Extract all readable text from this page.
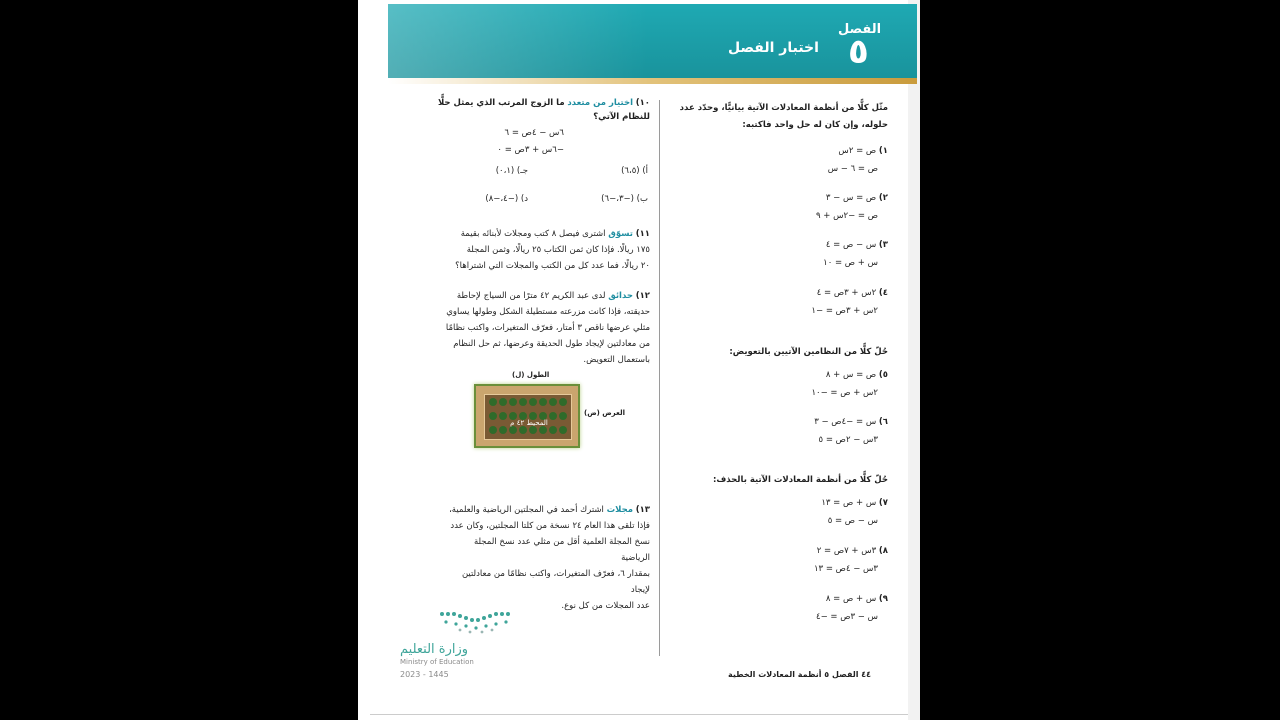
الفصل
٥
اختبار الفصل
مثّل كلًّا من أنظمة المعادلات الآتية بيانيًّا، وحدّد عدد حلوله، وإن كان له حل واحد فاكتبه:
١) ص = ٢س
ص = ٦ − س
٢) ص = س − ٣
ص = −٢س + ٩
٣) س − ص = ٤
س + ص = ١٠
٤) ٢س + ٣ص = ٤
٢س + ٣ص = −١
حُلّ كلًّا من النظامين الآتيين بالتعويض:
٥) ص = س + ٨
٢س + ص = −١٠
٦) س = −٤ص − ٣
٣س − ٢ص = ٥
حُلّ كلًّا من أنظمة المعادلات الآتية بالحذف:
٧) س + ص = ١٣
س − ص = ٥
٨) ٣س + ٧ص = ٢
٣س − ٤ص = ١٣
٩) س + ص = ٨
س − ٣ص = −٤
١٠) اختيار من متعدد ما الزوج المرتب الذي يمثل حلًّا للنظام الآتي؟
٦س − ٤ص = ٦
−٦س + ٣ص = ٠
أ) (٦،٥)
جـ) (٠،١)
ب) (−٣،−٦)
د) (−٤،−٨)
١١) تسوّق اشترى فيصل ٨ كتب ومجلات لأبنائه بقيمة
١٧٥ ريالًا. فإذا كان ثمن الكتاب ٢٥ ريالًا، وثمن المجلة
٢٠ ريالًا، فما عدد كل من الكتب والمجلات التي اشتراها؟
١٢) حدائق لدى عبد الكريم ٤٢ مترًا من السياج لإحاطة
حديقته، فإذا كانت مزرعته مستطيلة الشكل وطولها يساوي
مثلي عرضها ناقص ٣ أمتار، فعرّف المتغيرات، واكتب نظامًا
من معادلتين لإيجاد طول الحديقة وعرضها، ثم حل النظام
باستعمال التعويض.
الطول (ل)
العرض (ض)
المحيط ٤٢ م
١٣) مجلات اشترك أحمد في المجلتين الرياضية والعلمية،
فإذا تلقى هذا العام ٢٤ نسخة من كلتا المجلتين، وكان عدد
نسخ المجلة العلمية أقل من مثلي عدد نسخ المجلة الرياضية
بمقدار ٦، فعرّف المتغيرات، واكتب نظامًا من معادلتين لإيجاد
عدد المجلات من كل نوع.
وزارة التعليم
Ministry of Education
2023 - 1445	٤٤ الفصل ٥ أنظمة المعادلات الخطية
